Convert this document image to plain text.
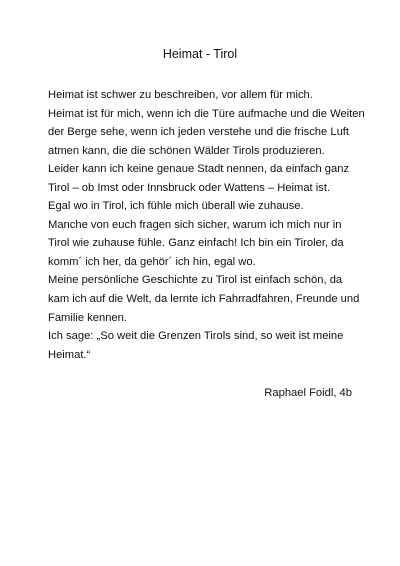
Heimat - Tirol
Heimat ist schwer zu beschreiben, vor allem für mich.
Heimat ist für mich, wenn ich die Türe aufmache und die Weiten
der Berge sehe, wenn ich jeden verstehe und die frische Luft
atmen kann, die die schönen Wälder Tirols produzieren.
Leider kann ich keine genaue Stadt nennen, da einfach ganz
Tirol – ob Imst oder Innsbruck oder Wattens – Heimat ist.
Egal wo in Tirol, ich fühle mich überall wie zuhause.
Manche von euch fragen sich sicher, warum ich mich nur in
Tirol wie zuhause fühle. Ganz einfach! Ich bin ein Tiroler, da
komm´ ich her, da gehör´ ich hin, egal wo.
Meine persönliche Geschichte zu Tirol ist einfach schön, da
kam ich auf die Welt, da lernte ich Fahrradfahren, Freunde und
Familie kennen.
Ich sage: „So weit die Grenzen Tirols sind, so weit ist meine
Heimat.“
Raphael Foidl, 4b
